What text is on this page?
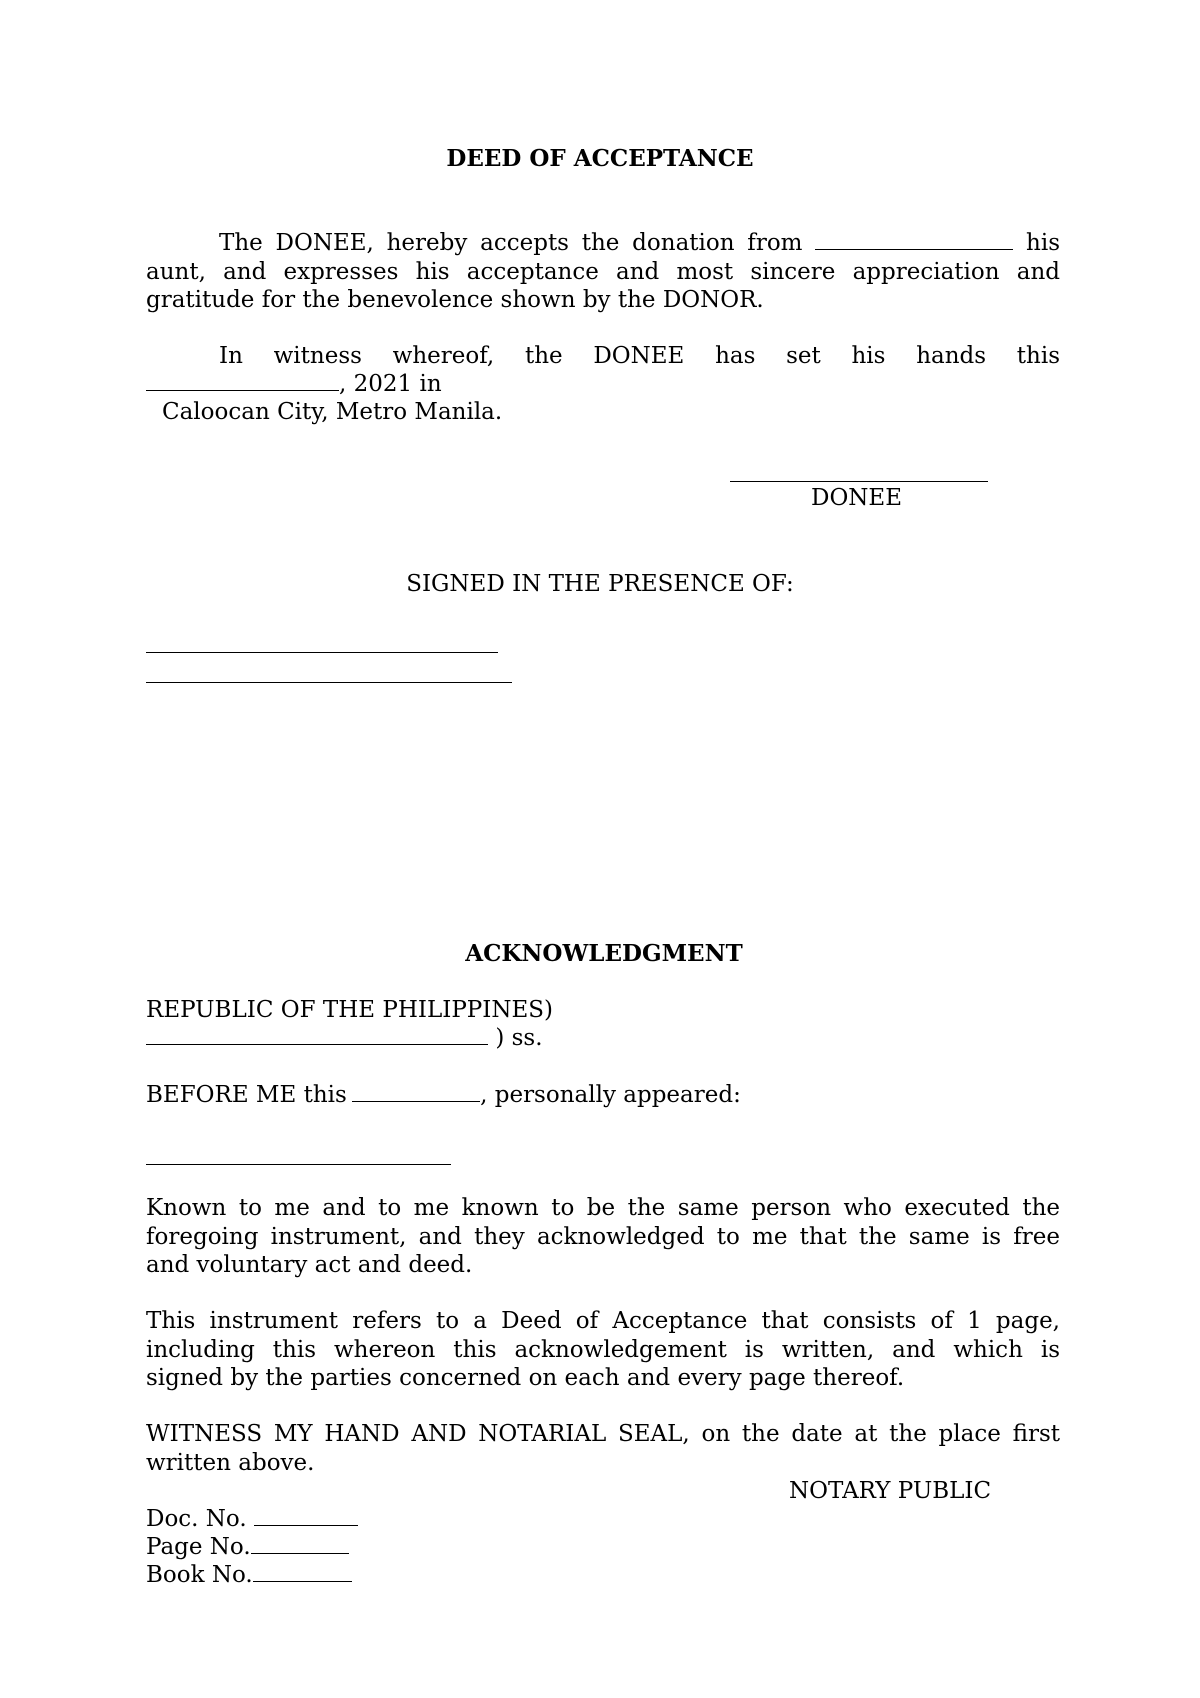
DEED OF ACCEPTANCE
The DONEE, hereby accepts the donation from	his
aunt, and expresses his acceptance and most sincere appreciation and
gratitude for the benevolence shown by the DONOR.
In witness whereof, the DONEE has set his hands this
, 2021 in
Caloocan City, Metro Manila.
DONEE
SIGNED IN THE PRESENCE OF:
ACKNOWLEDGMENT
REPUBLIC OF THE PHILIPPINES)
) ss.
BEFORE ME this	, personally appeared:
Known to me and to me known to be the same person who executed the
foregoing instrument, and they acknowledged to me that the same is free
and voluntary act and deed.
This instrument refers to a Deed of Acceptance that consists of 1 page,
including this whereon this acknowledgement is written, and which is
signed by the parties concerned on each and every page thereof.
WITNESS MY HAND AND NOTARIAL SEAL, on the date at the place first
written above.
NOTARY PUBLIC
Doc. No.
Page No.
Book No.
